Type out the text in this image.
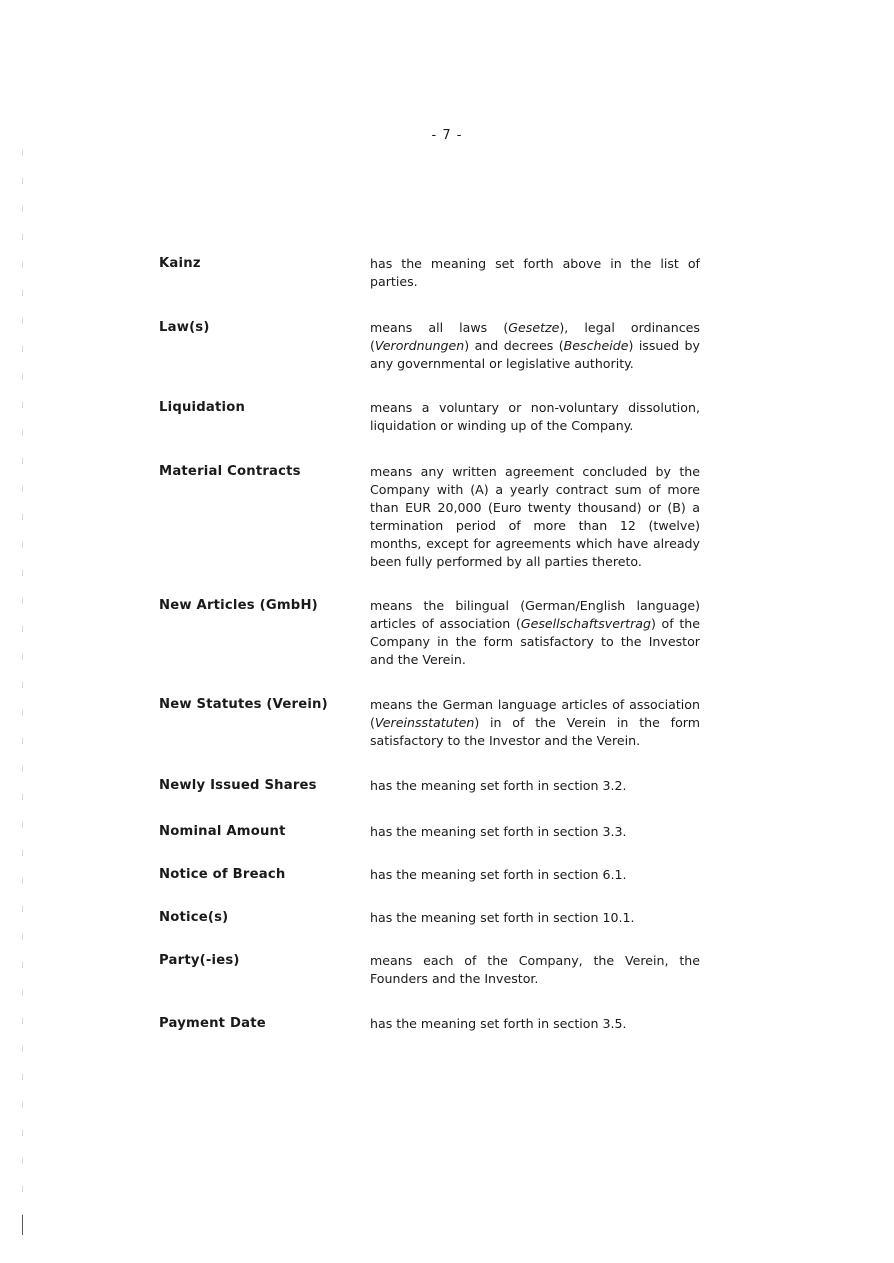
- 7 -
Kainz	has the meaning set forth above in the list of parties.
Law(s)	means all laws (Gesetze), legal ordinances (Verordnungen) and decrees (Bescheide) issued by any governmental or legislative authority.
Liquidation	means a voluntary or non-voluntary dissolution, liquidation or winding up of the Company.
Material Contracts	means any written agreement concluded by the Company with (A) a yearly contract sum of more than EUR 20,000 (Euro twenty thousand) or (B) a termination period of more than 12 (twelve) months, except for agreements which have already been fully performed by all parties thereto.
New Articles (GmbH)	means the bilingual (German/English language) articles of association (Gesellschaftsvertrag) of the Company in the form satisfactory to the Investor and the Verein.
New Statutes (Verein)	means the German language articles of association (Vereinsstatuten) in of the Verein in the form satisfactory to the Investor and the Verein.
Newly Issued Shares	has the meaning set forth in section 3.2.
Nominal Amount	has the meaning set forth in section 3.3.
Notice of Breach	has the meaning set forth in section 6.1.
Notice(s)	has the meaning set forth in section 10.1.
Party(-ies)	means each of the Company, the Verein, the Founders and the Investor.
Payment Date	has the meaning set forth in section 3.5.
